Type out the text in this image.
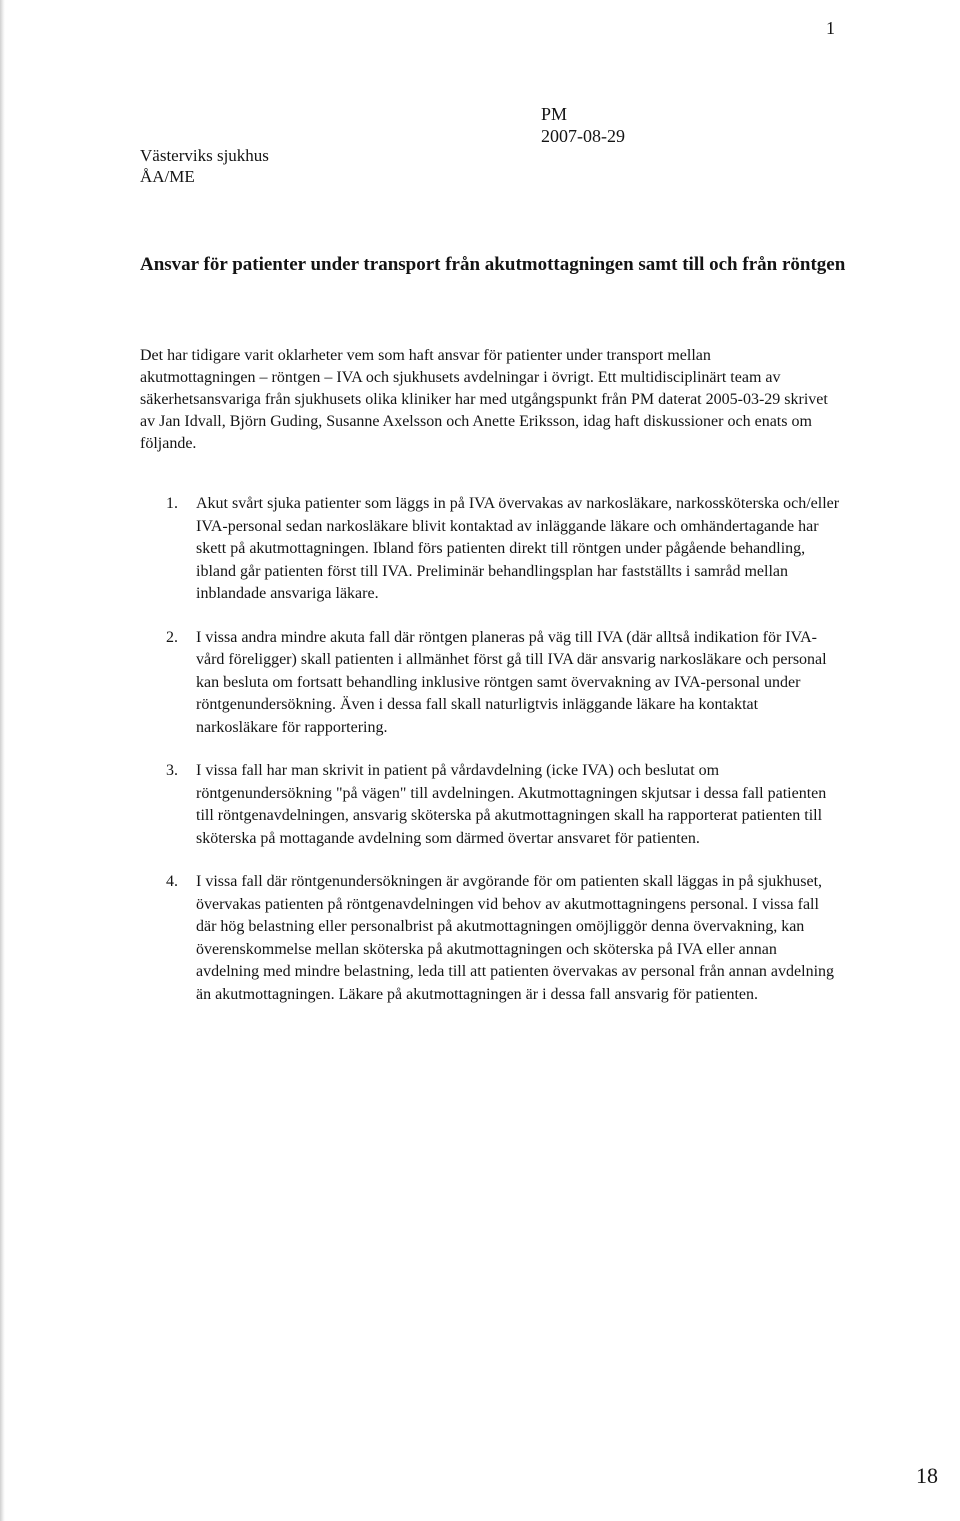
1
PM
2007-08-29
Västerviks sjukhus
ÅA/ME
Ansvar för patienter under transport från akutmottagningen samt till och från röntgen

Det har tidigare varit oklarheter vem som haft ansvar för patienter under transport mellan akutmottagningen – röntgen – IVA och sjukhusets avdelningar i övrigt. Ett multidisciplinärt team av säkerhetsansvariga från sjukhusets olika kliniker har med utgångspunkt från PM daterat 2005-03-29 skrivet av Jan Idvall, Björn Guding, Susanne Axelsson och Anette Eriksson, idag haft diskussioner och enats om följande.

1. Akut svårt sjuka patienter som läggs in på IVA övervakas av narkosläkare, narkossköterska och/eller IVA-personal sedan narkosläkare blivit kontaktad av inläggande läkare och omhändertagande har skett på akutmottagningen. Ibland förs patienten direkt till röntgen under pågående behandling, ibland går patienten först till IVA. Preliminär behandlingsplan har fastställts i samråd mellan inblandade ansvariga läkare.
2. I vissa andra mindre akuta fall där röntgen planeras på väg till IVA (där alltså indikation för IVA-vård föreligger) skall patienten i allmänhet först gå till IVA där ansvarig narkosläkare och personal kan besluta om fortsatt behandling inklusive röntgen samt övervakning av IVA-personal under röntgenundersökning. Även i dessa fall skall naturligtvis inläggande läkare ha kontaktat narkosläkare för rapportering.
3. I vissa fall har man skrivit in patient på vårdavdelning (icke IVA) och beslutat om röntgenundersökning "på vägen" till avdelningen. Akutmottagningen skjutsar i dessa fall patienten till röntgenavdelningen, ansvarig sköterska på akutmottagningen skall ha rapporterat patienten till sköterska på mottagande avdelning som därmed övertar ansvaret för patienten.
4. I vissa fall där röntgenundersökningen är avgörande för om patienten skall läggas in på sjukhuset, övervakas patienten på röntgenavdelningen vid behov av akutmottagningens personal. I vissa fall där hög belastning eller personalbrist på akutmottagningen omöjliggör denna övervakning, kan överenskommelse mellan sköterska på akutmottagningen och sköterska på IVA eller annan avdelning med mindre belastning, leda till att patienten övervakas av personal från annan avdelning än akutmottagningen. Läkare på akutmottagningen är i dessa fall ansvarig för patienten.
18
